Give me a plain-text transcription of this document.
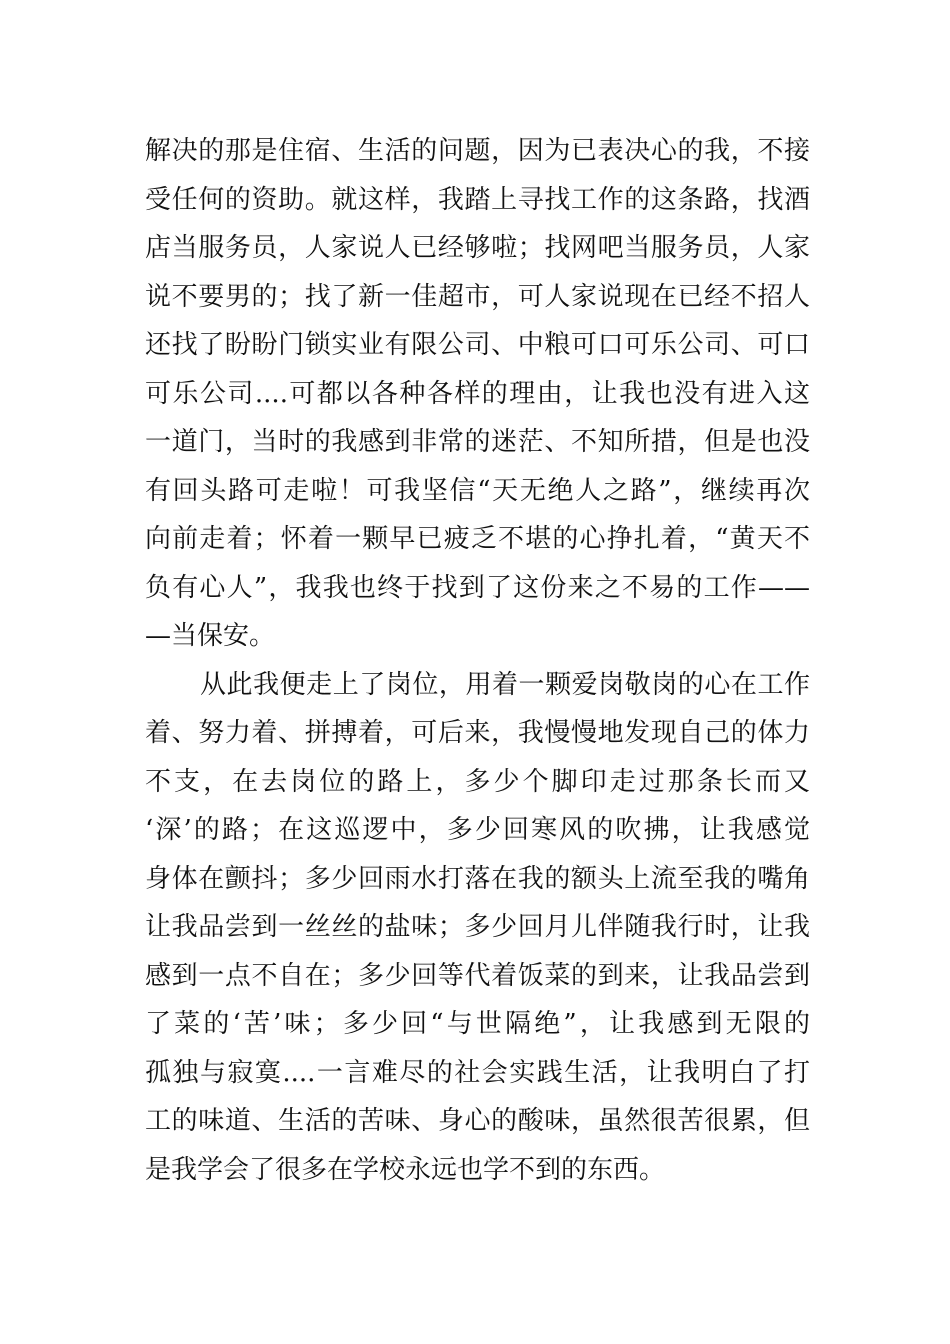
解决的那是住宿、生活的问题，因为已表决心的我，不接
受任何的资助。就这样，我踏上寻找工作的这条路，找酒
店当服务员，人家说人已经够啦；找网吧当服务员，人家
说不要男的；找了新一佳超市，可人家说现在已经不招人
还找了盼盼门锁实业有限公司、中粮可口可乐公司、可口
可乐公司....可都以各种各样的理由，让我也没有进入这
一道门，当时的我感到非常的迷茫、不知所措，但是也没
有回头路可走啦！可我坚信“天无绝人之路”，继续再次
向前走着；怀着一颗早已疲乏不堪的心挣扎着，“黄天不
负有心人”，我我也终于找到了这份来之不易的工作——
—当保安。
从此我便走上了岗位，用着一颗爱岗敬岗的心在工作
着、努力着、拼搏着，可后来，我慢慢地发现自己的体力
不支，在去岗位的路上，多少个脚印走过那条长而又
‘深’的路；在这巡逻中，多少回寒风的吹拂，让我感觉
身体在颤抖；多少回雨水打落在我的额头上流至我的嘴角
让我品尝到一丝丝的盐味；多少回月儿伴随我行时，让我
感到一点不自在；多少回等代着饭菜的到来，让我品尝到
了菜的‘苦’味；多少回“与世隔绝”，让我感到无限的
孤独与寂寞....一言难尽的社会实践生活，让我明白了打
工的味道、生活的苦味、身心的酸味，虽然很苦很累，但
是我学会了很多在学校永远也学不到的东西。
